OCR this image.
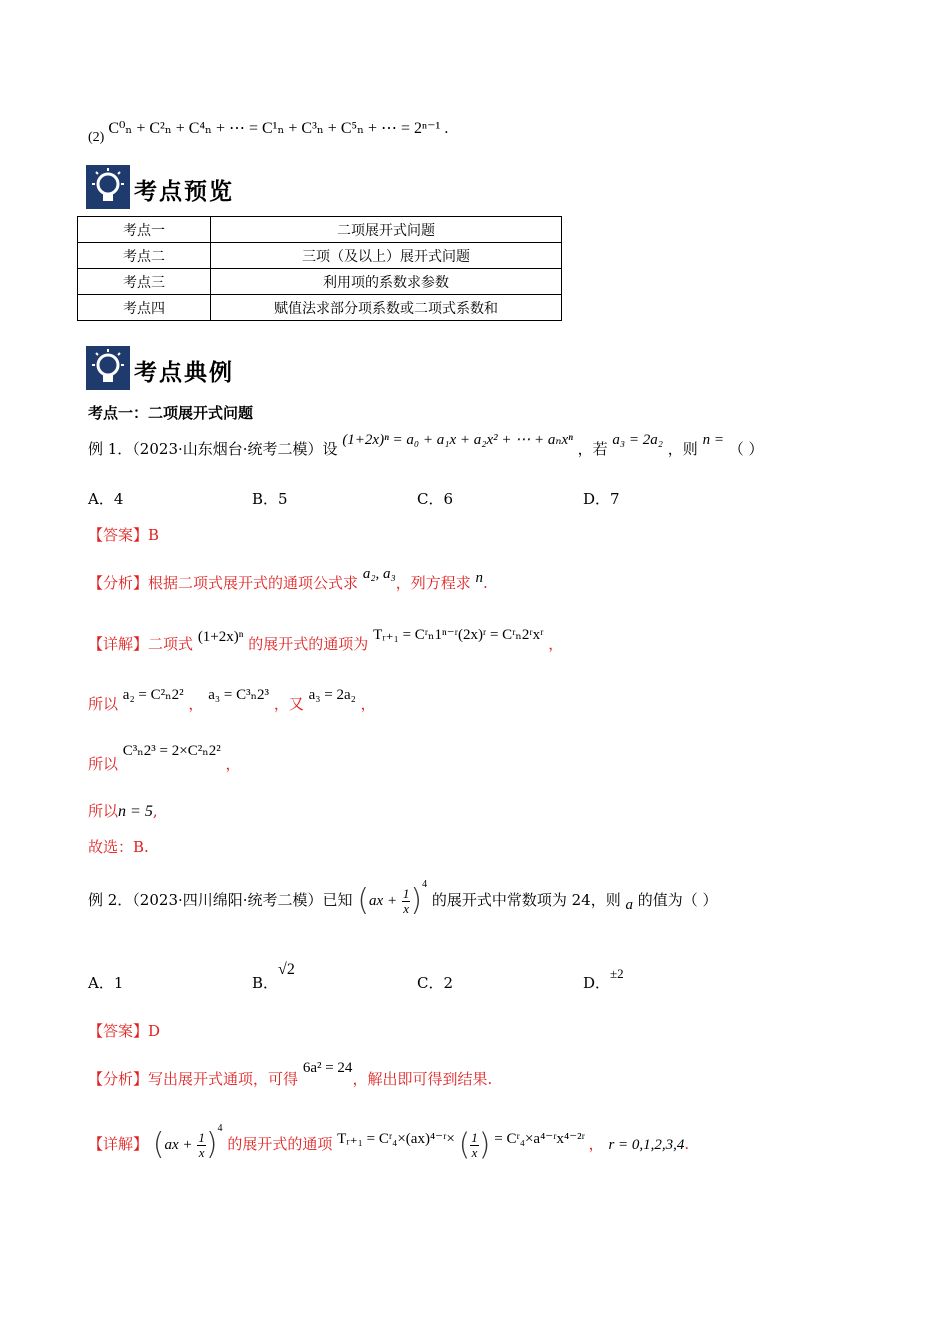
(2) C⁰ₙ + C²ₙ + C⁴ₙ + ⋯ = C¹ₙ + C³ₙ + C⁵ₙ + ⋯ = 2ⁿ⁻¹ .
考点预览
考点一	二项展开式问题
考点二	三项（及以上）展开式问题
考点三	利用项的系数求参数
考点四	赋值法求部分项系数或二项式系数和
考点典例
考点一：二项展开式问题
例 1．（2023·山东烟台·统考二模）设 (1+2x)ⁿ = a₀ + a₁x + a₂x² + ⋯ + aₙxⁿ ，若 a₃ = 2a₂ ，则 n = （ ）
A．4	B．5	C．6	D．7
【答案】B
【分析】根据二项式展开式的通项公式求 a₂, a₃，列方程求 n.
【详解】二项式 (1+2x)ⁿ 的展开式的通项为 Tᵣ₊₁ = Cʳₙ1ⁿ⁻ʳ(2x)ʳ = Cʳₙ2ʳxʳ ，
所以 a₂ = C²ₙ2² ， a₃ = C³ₙ2³ ，又 a₃ = 2a₂ ，
所以 C³ₙ2³ = 2×C²ₙ2² ，
所以n = 5,
故选：B.
例 2．（2023·四川绵阳·统考二模）已知 $(ax + \frac{1}{x} )^4$ 的展开式中常数项为 24，则 a 的值为（ ）
A．1	B．√2
C．2	D．±2
【答案】D
【分析】写出展开式通项，可得 6a² = 24，解出即可得到结果.
【详解】 $(ax + \frac{1}{x} )^4$ 的展开式的通项 Tᵣ₊₁ = Cʳ₄×(ax)⁴⁻ʳ× ( $\frac{1}{x}$ ) = Cʳ₄×a⁴⁻ʳx⁴⁻²ʳ ， r = 0,1,2,3,4.
